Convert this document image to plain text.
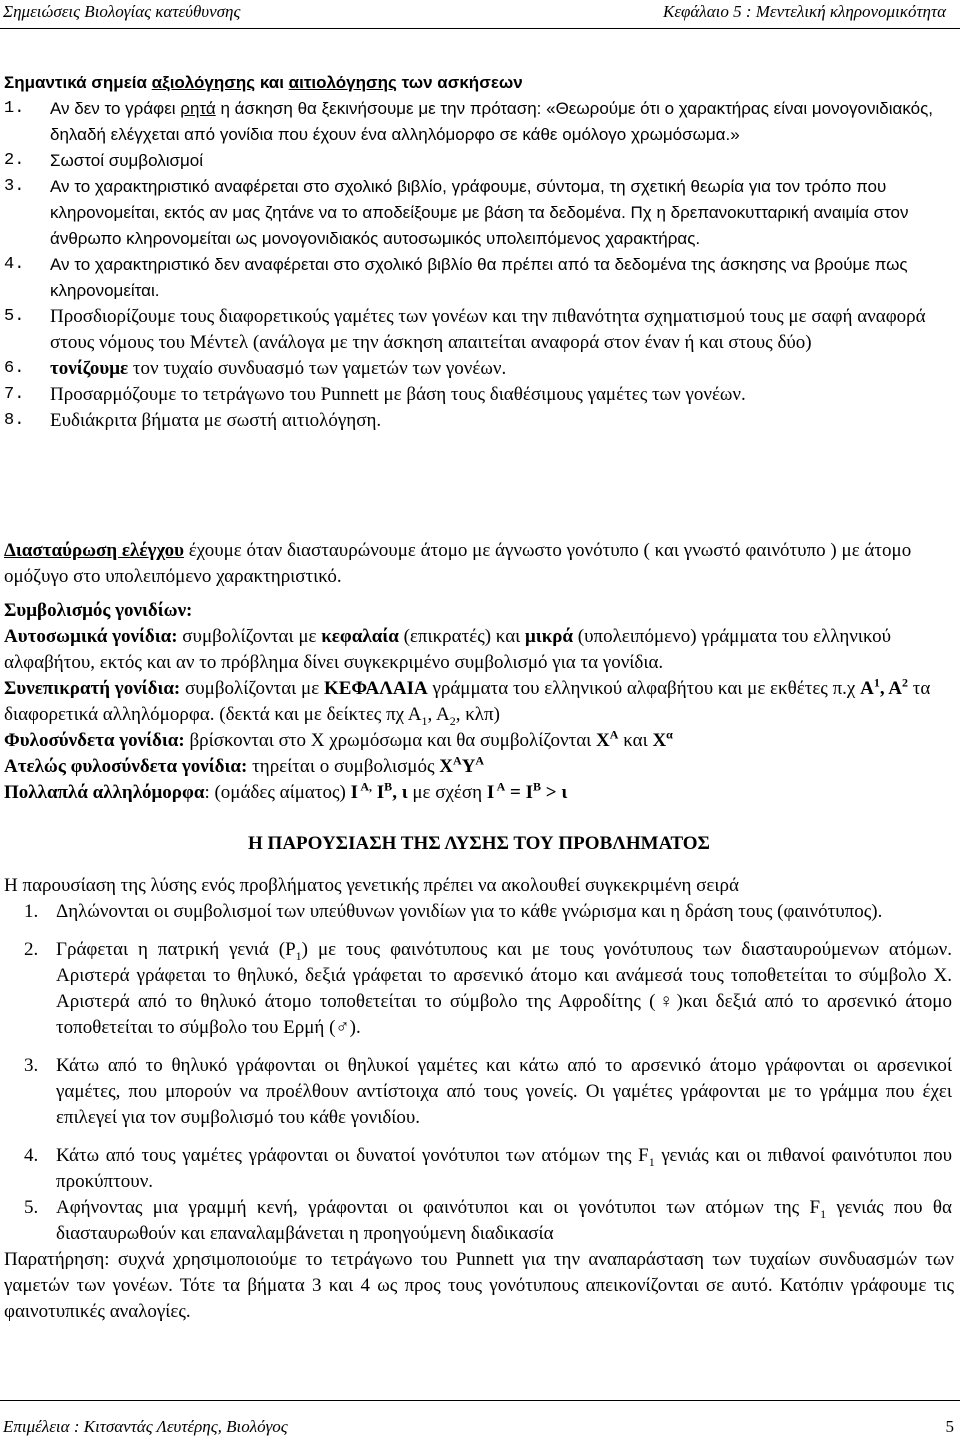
Σημειώσεις Βιολογίας κατεύθυνσης	Κεφάλαιο 5 : Μεντελική κληρονομικότητα
Σημαντικά σημεία αξιολόγησης και αιτιολόγησης των ασκήσεων
1. Αν δεν το γράφει ρητά η άσκηση θα ξεκινήσουμε με την πρόταση: «Θεωρούμε ότι ο χαρακτήρας είναι μονογονιδιακός, δηλαδή ελέγχεται από γονίδια που έχουν ένα αλληλόμορφο σε κάθε ομόλογο χρωμόσωμα.»
2. Σωστοί συμβολισμοί
3. Αν το χαρακτηριστικό αναφέρεται στο σχολικό βιβλίο, γράφουμε, σύντομα, τη σχετική θεωρία για τον τρόπο που κληρονομείται, εκτός αν μας ζητάνε να το αποδείξουμε με βάση τα δεδομένα. Πχ η δρεπανοκυτταρική αναιμία στον άνθρωπο κληρονομείται ως μονογονιδιακός αυτοσωμικός υπολειπόμενος χαρακτήρας.
4. Αν το χαρακτηριστικό δεν αναφέρεται στο σχολικό βιβλίο θα πρέπει από τα δεδομένα της άσκησης να βρούμε πως κληρονομείται.
5. Προσδιορίζουμε τους διαφορετικούς γαμέτες των γονέων και την πιθανότητα σχηματισμού τους με σαφή αναφορά στους νόμους του Μέντελ (ανάλογα με την άσκηση απαιτείται αναφορά στον έναν ή και στους δύο)
6. τονίζουμε τον τυχαίο συνδυασμό των γαμετών των γονέων.
7. Προσαρμόζουμε το τετράγωνο του Punnett με βάση τους διαθέσιμους γαμέτες των γονέων.
8. Ευδιάκριτα βήματα με σωστή αιτιολόγηση.
Διασταύρωση ελέγχου έχουμε όταν διασταυρώνουμε άτομο με άγνωστο γονότυπο ( και γνωστό φαινότυπο ) με άτομο ομόζυγο στο υπολειπόμενο χαρακτηριστικό.
Συμβολισμός γονιδίων:
Αυτοσωμικά γονίδια: συμβολίζονται με κεφαλαία (επικρατές) και μικρά (υπολειπόμενο) γράμματα του ελληνικού αλφαβήτου, εκτός και αν το πρόβλημα δίνει συγκεκριμένο συμβολισμό για τα γονίδια.
Συνεπικρατή γονίδια: συμβολίζονται με ΚΕΦΑΛΑΙΑ γράμματα του ελληνικού αλφαβήτου και με εκθέτες π.χ $A^1$, $A^2$ τα διαφορετικά αλληλόμορφα. (δεκτά και με δείκτες πχ $A_1$, $A_2$, κλπ)
Φυλοσύνδετα γονίδια: βρίσκονται στο Χ χρωμόσωμα και θα συμβολίζονται $X^A$ και $X^\alpha$
Ατελώς φυλοσύνδετα γονίδια: τηρείται ο συμβολισμός $X^A\Upsilon^A$
Πολλαπλά αλληλόμορφα: (ομάδες αίματος) Ι $^{A,}$ $I^B$, ι με σχέση Ι $^A = I^B > \iota$
Η ΠΑΡΟΥΣΙΑΣΗ ΤΗΣ ΛΥΣΗΣ ΤΟΥ ΠΡΟΒΛΗΜΑΤΟΣ
Η παρουσίαση της λύσης ενός προβλήματος γενετικής πρέπει να ακολουθεί συγκεκριμένη σειρά
1. Δηλώνονται οι συμβολισμοί των υπεύθυνων γονιδίων για το κάθε γνώρισμα και η δράση τους (φαινότυπος).
2. Γράφεται η πατρική γενιά $(P_1)$ με τους φαινότυπους και με τους γονότυπους των διασταυρούμενων ατόμων. Αριστερά γράφεται το θηλυκό, δεξιά γράφεται το αρσενικό άτομο και ανάμεσά τους τοποθετείται το σύμβολο Χ. Αριστερά από το θηλυκό άτομο τοποθετείται το σύμβολο της Αφροδίτης (♀)και δεξιά από το αρσενικό άτομο τοποθετείται το σύμβολο του Ερμή (♂).
3. Κάτω από το θηλυκό γράφονται οι θηλυκοί γαμέτες και κάτω από το αρσενικό άτομο γράφονται οι αρσενικοί γαμέτες, που μπορούν να προέλθουν αντίστοιχα από τους γονείς. Οι γαμέτες γράφονται με το γράμμα που έχει επιλεγεί για τον συμβολισμό του κάθε γονιδίου.
4. Κάτω από τους γαμέτες γράφονται οι δυνατοί γονότυποι των ατόμων της $F_1$ γενιάς και οι πιθανοί φαινότυποι που προκύπτουν.
5. Αφήνοντας μια γραμμή κενή, γράφονται οι φαινότυποι και οι γονότυποι των ατόμων της $F_1$ γενιάς που θα διασταυρωθούν και επαναλαμβάνεται η προηγούμενη διαδικασία
Παρατήρηση: συχνά χρησιμοποιούμε το τετράγωνο του Punnett για την αναπαράσταση των τυχαίων συνδυασμών των γαμετών των γονέων. Τότε τα βήματα 3 και 4 ως προς τους γονότυπους απεικονίζονται σε αυτό. Κατόπιν γράφουμε τις φαινοτυπικές αναλογίες.
Επιμέλεια : Κιτσαντάς Λευτέρης, Βιολόγος	5
